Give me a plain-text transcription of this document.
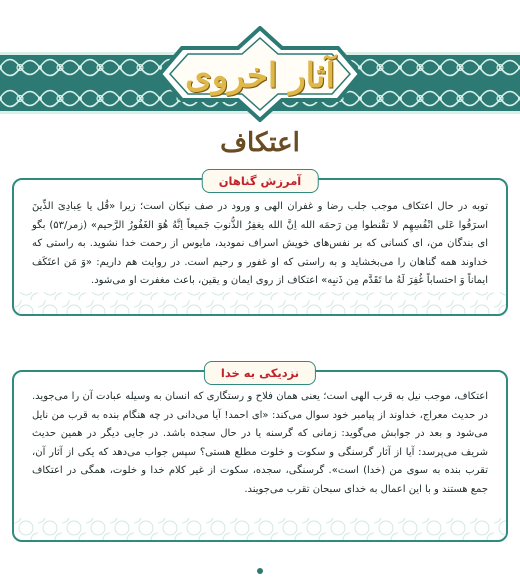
آثار اخروی
اعتکاف
آمرزش گناهان
توبه در حال اعتکاف موجب جلب رضا و غفران الهی و ورود در صف نیکان است؛ زیرا «قُل یا عِبادِیَ الذِّینَ اسرَفُوا عَلی انْفُسِهِم لا تقْنطوا مِن رَحمَه الله اِنَّ الله یغفِرُ الذُّنوبَ جَمیعاً اِنَّهُ هُوَ الغَفُورُ الرَّحیم» (زمر/۵۳) بگو ای بندگان من، ای کسانی که بر نفس‌های خویش اسراف نمودید، مایوس از رحمت خدا نشوید. به راستی که خداوند همه گناهان را می‌بخشاید و به راستی که او غفور و رحیم است. در روایت هم داریم: «وَ مَن اعتَکَف ایماناً وَ احتساباً غُفِرَ لَهُ ما تَقَدَّم مِن ذَنبِه» اعتکاف از روی ایمان و یقین، باعث مغفرت او می‌شود.
نزدیکی به خدا
اعتکاف، موجب نیل به قرب الهی است؛ یعنی همان فلاح و رستگاری که انسان به وسیله عبادت آن را می‌جوید. در حدیث معراج، خداوند از پیامبر خود سوال می‌کند: «ای احمد! آیا می‌دانی در چه هنگام بنده به قرب من نایل می‌شود و بعد در جوابش می‌گوید: زمانی که گرسنه یا در حال سجده باشد. در جایی دیگر در همین حدیث شریف می‌پرسد: آیا از آثار گرسنگی و سکوت و خلوت مطلع هستی؟ سپس جواب می‌دهد که یکی از آثار آن، تقرب بنده به سوی من (خدا) است». گرسنگی، سجده، سکوت از غیر کلام خدا و خلوت، همگی در اعتکاف جمع هستند و با این اعمال به خدای سبحان تقرب می‌جویند.
